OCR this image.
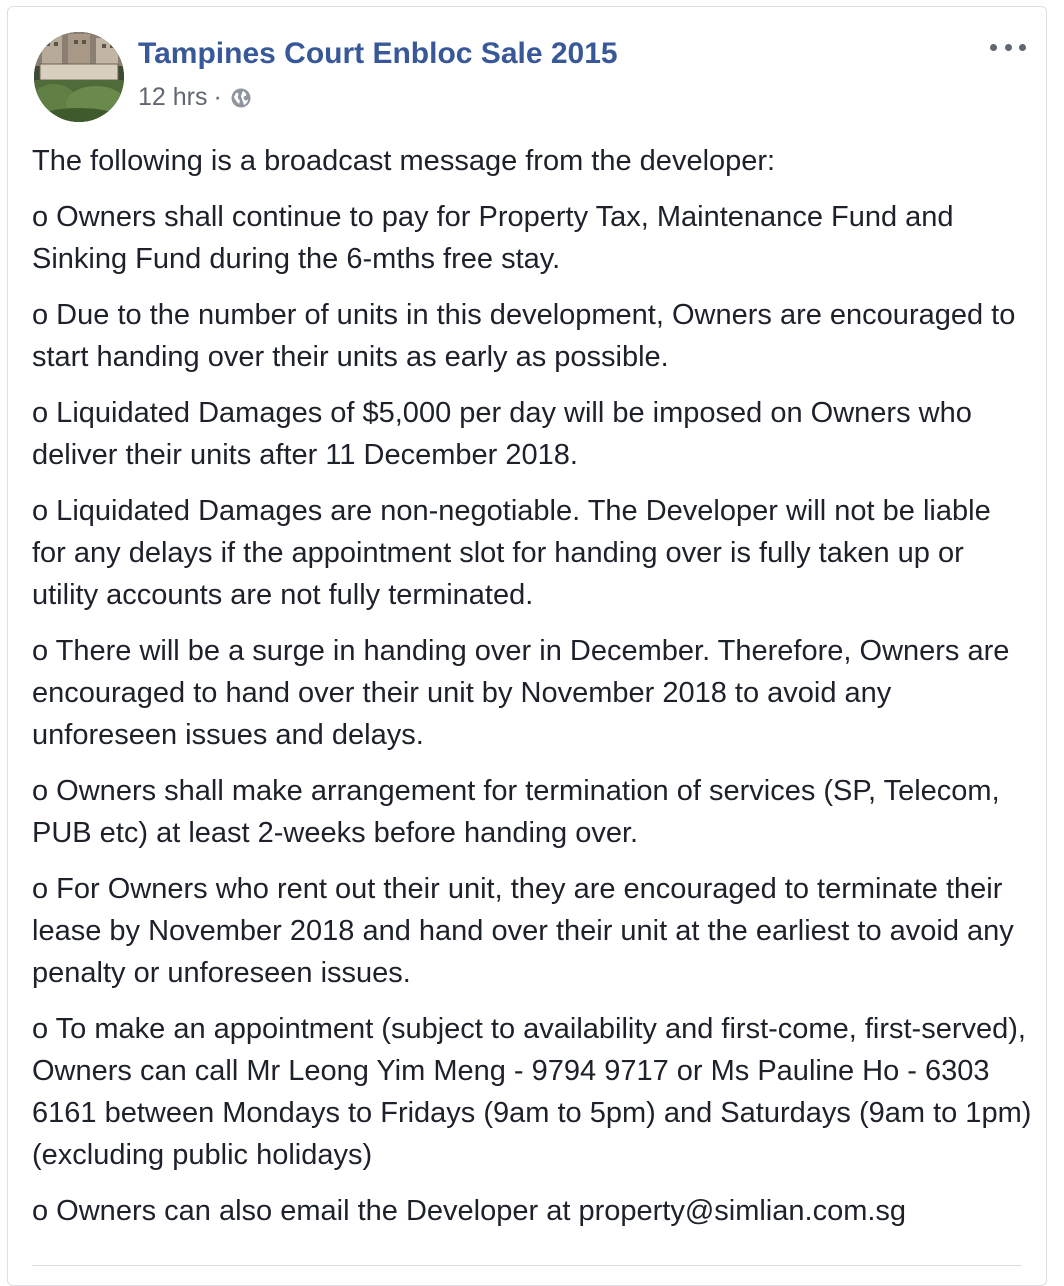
Tampines Court Enbloc Sale 2015
12 hrs ·

The following is a broadcast message from the developer:

o Owners shall continue to pay for Property Tax, Maintenance Fund and Sinking Fund during the 6-mths free stay.

o Due to the number of units in this development, Owners are encouraged to start handing over their units as early as possible.

o Liquidated Damages of $5,000 per day will be imposed on Owners who deliver their units after 11 December 2018.

o Liquidated Damages are non-negotiable. The Developer will not be liable for any delays if the appointment slot for handing over is fully taken up or utility accounts are not fully terminated.

o There will be a surge in handing over in December. Therefore, Owners are encouraged to hand over their unit by November 2018 to avoid any unforeseen issues and delays.

o Owners shall make arrangement for termination of services (SP, Telecom, PUB etc) at least 2-weeks before handing over.

o For Owners who rent out their unit, they are encouraged to terminate their lease by November 2018 and hand over their unit at the earliest to avoid any penalty or unforeseen issues.

o To make an appointment (subject to availability and first-come, first-served), Owners can call Mr Leong Yim Meng - 9794 9717 or Ms Pauline Ho - 6303 6161 between Mondays to Fridays (9am to 5pm) and Saturdays (9am to 1pm) (excluding public holidays)

o Owners can also email the Developer at property@simlian.com.sg
